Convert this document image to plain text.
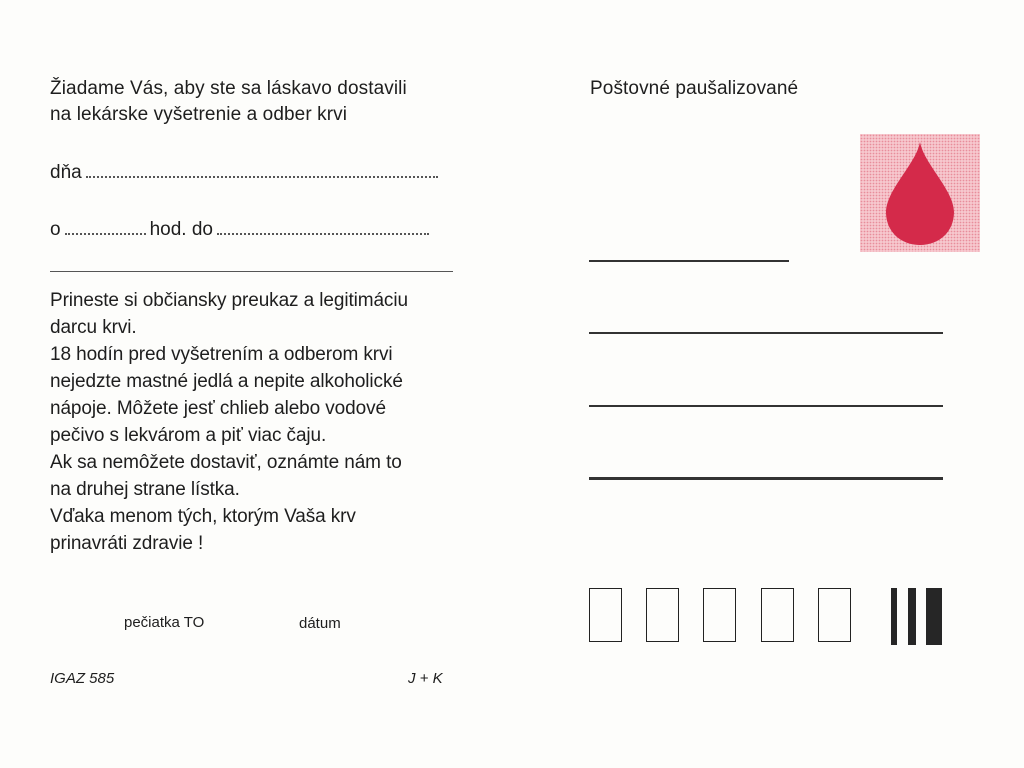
Žiadame Vás, aby ste sa láskavo dostavili
na lekárske vyšetrenie a odber krvi
dňa
o	hod. do
Prineste si občiansky preukaz a legitimáciu
darcu krvi.
18 hodín pred vyšetrením a odberom krvi
nejedzte mastné jedlá a nepite alkoholické
nápoje. Môžete jesť chlieb alebo vodové
pečivo s lekvárom a piť viac čaju.
Ak sa nemôžete dostaviť, oznámte nám to
na druhej strane lístka.
Vďaka menom tých, ktorým Vaša krv
prinavráti zdravie !
pečiatka TO	dátum
IGAZ 585	J + K
Poštovné paušalizované
